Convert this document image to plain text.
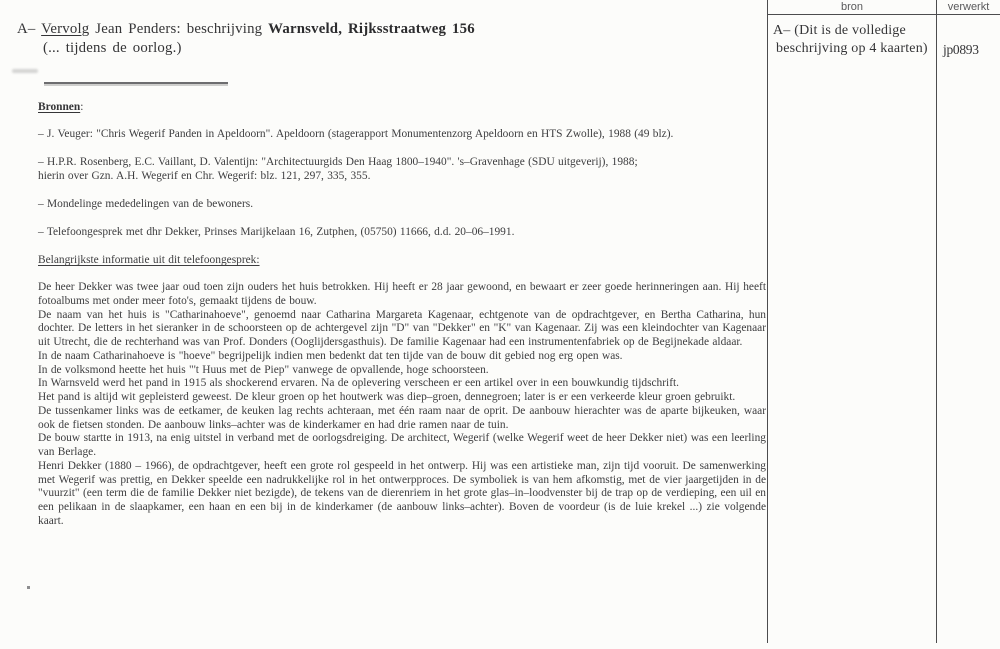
A– Vervolg Jean Penders: beschrijving Warnsveld, Rijksstraatweg 156
(... tijdens de oorlog.)
Bronnen:
– J. Veuger: "Chris Wegerif Panden in Apeldoorn". Apeldoorn (stagerapport Monumentenzorg Apeldoorn en HTS Zwolle), 1988 (49 blz).
– H.P.R. Rosenberg, E.C. Vaillant, D. Valentijn: "Architectuurgids Den Haag 1800–1940". 's–Gravenhage (SDU uitgeverij), 1988;
hierin over Gzn. A.H. Wegerif en Chr. Wegerif: blz. 121, 297, 335, 355.
– Mondelinge mededelingen van de bewoners.
– Telefoongesprek met dhr Dekker, Prinses Marijkelaan 16, Zutphen, (05750) 11666, d.d. 20–06–1991.
Belangrijkste informatie uit dit telefoongesprek:

De heer Dekker was twee jaar oud toen zijn ouders het huis betrokken. Hij heeft er 28 jaar gewoond, en bewaart er zeer goede herinneringen aan. Hij heeft fotoalbums met onder meer foto's, gemaakt tijdens de bouw.

De naam van het huis is "Catharinahoeve", genoemd naar Catharina Margareta Kagenaar, echtgenote van de opdrachtgever, en Bertha Catharina, hun dochter. De letters in het sieranker in de schoorsteen op de achtergevel zijn "D" van "Dekker" en "K" van Kagenaar. Zij was een kleindochter van Kagenaar uit Utrecht, die de rechterhand was van Prof. Donders (Ooglijdersgasthuis). De familie Kagenaar had een instrumentenfabriek op de Begijnekade aldaar.

In de naam Catharinahoeve is "hoeve" begrijpelijk indien men bedenkt dat ten tijde van de bouw dit gebied nog erg open was.

In de volksmond heette het huis "'t Huus met de Piep" vanwege de opvallende, hoge schoorsteen.

In Warnsveld werd het pand in 1915 als shockerend ervaren. Na de oplevering verscheen er een artikel over in een bouwkundig tijdschrift.

Het pand is altijd wit gepleisterd geweest. De kleur groen op het houtwerk was diep–groen, dennegroen; later is er een verkeerde kleur groen gebruikt.

De tussenkamer links was de eetkamer, de keuken lag rechts achteraan, met één raam naar de oprit. De aanbouw hierachter was de aparte bijkeuken, waar ook de fietsen stonden. De aanbouw links–achter was de kinderkamer en had drie ramen naar de tuin.

De bouw startte in 1913, na enig uitstel in verband met de oorlogsdreiging. De architect, Wegerif (welke Wegerif weet de heer Dekker niet) was een leerling van Berlage.

Henri Dekker (1880 – 1966), de opdrachtgever, heeft een grote rol gespeeld in het ontwerp. Hij was een artistieke man, zijn tijd vooruit. De samenwerking met Wegerif was prettig, en Dekker speelde een nadrukkelijke rol in het ontwerpproces. De symboliek is van hem afkomstig, met de vier jaargetijden in de "vuurzit" (een term die de familie Dekker niet bezigde), de tekens van de dierenriem in het grote glas–in–loodvenster bij de trap op de verdieping, een uil en een pelikaan in de slaapkamer, een haan en een bij in de kinderkamer (de aanbouw links–achter). Boven de voordeur (is de luie krekel ...) zie volgende kaart.

bron	verwerkt
A– (Dit is de volledige
beschrijving op 4 kaarten)	jp0893
